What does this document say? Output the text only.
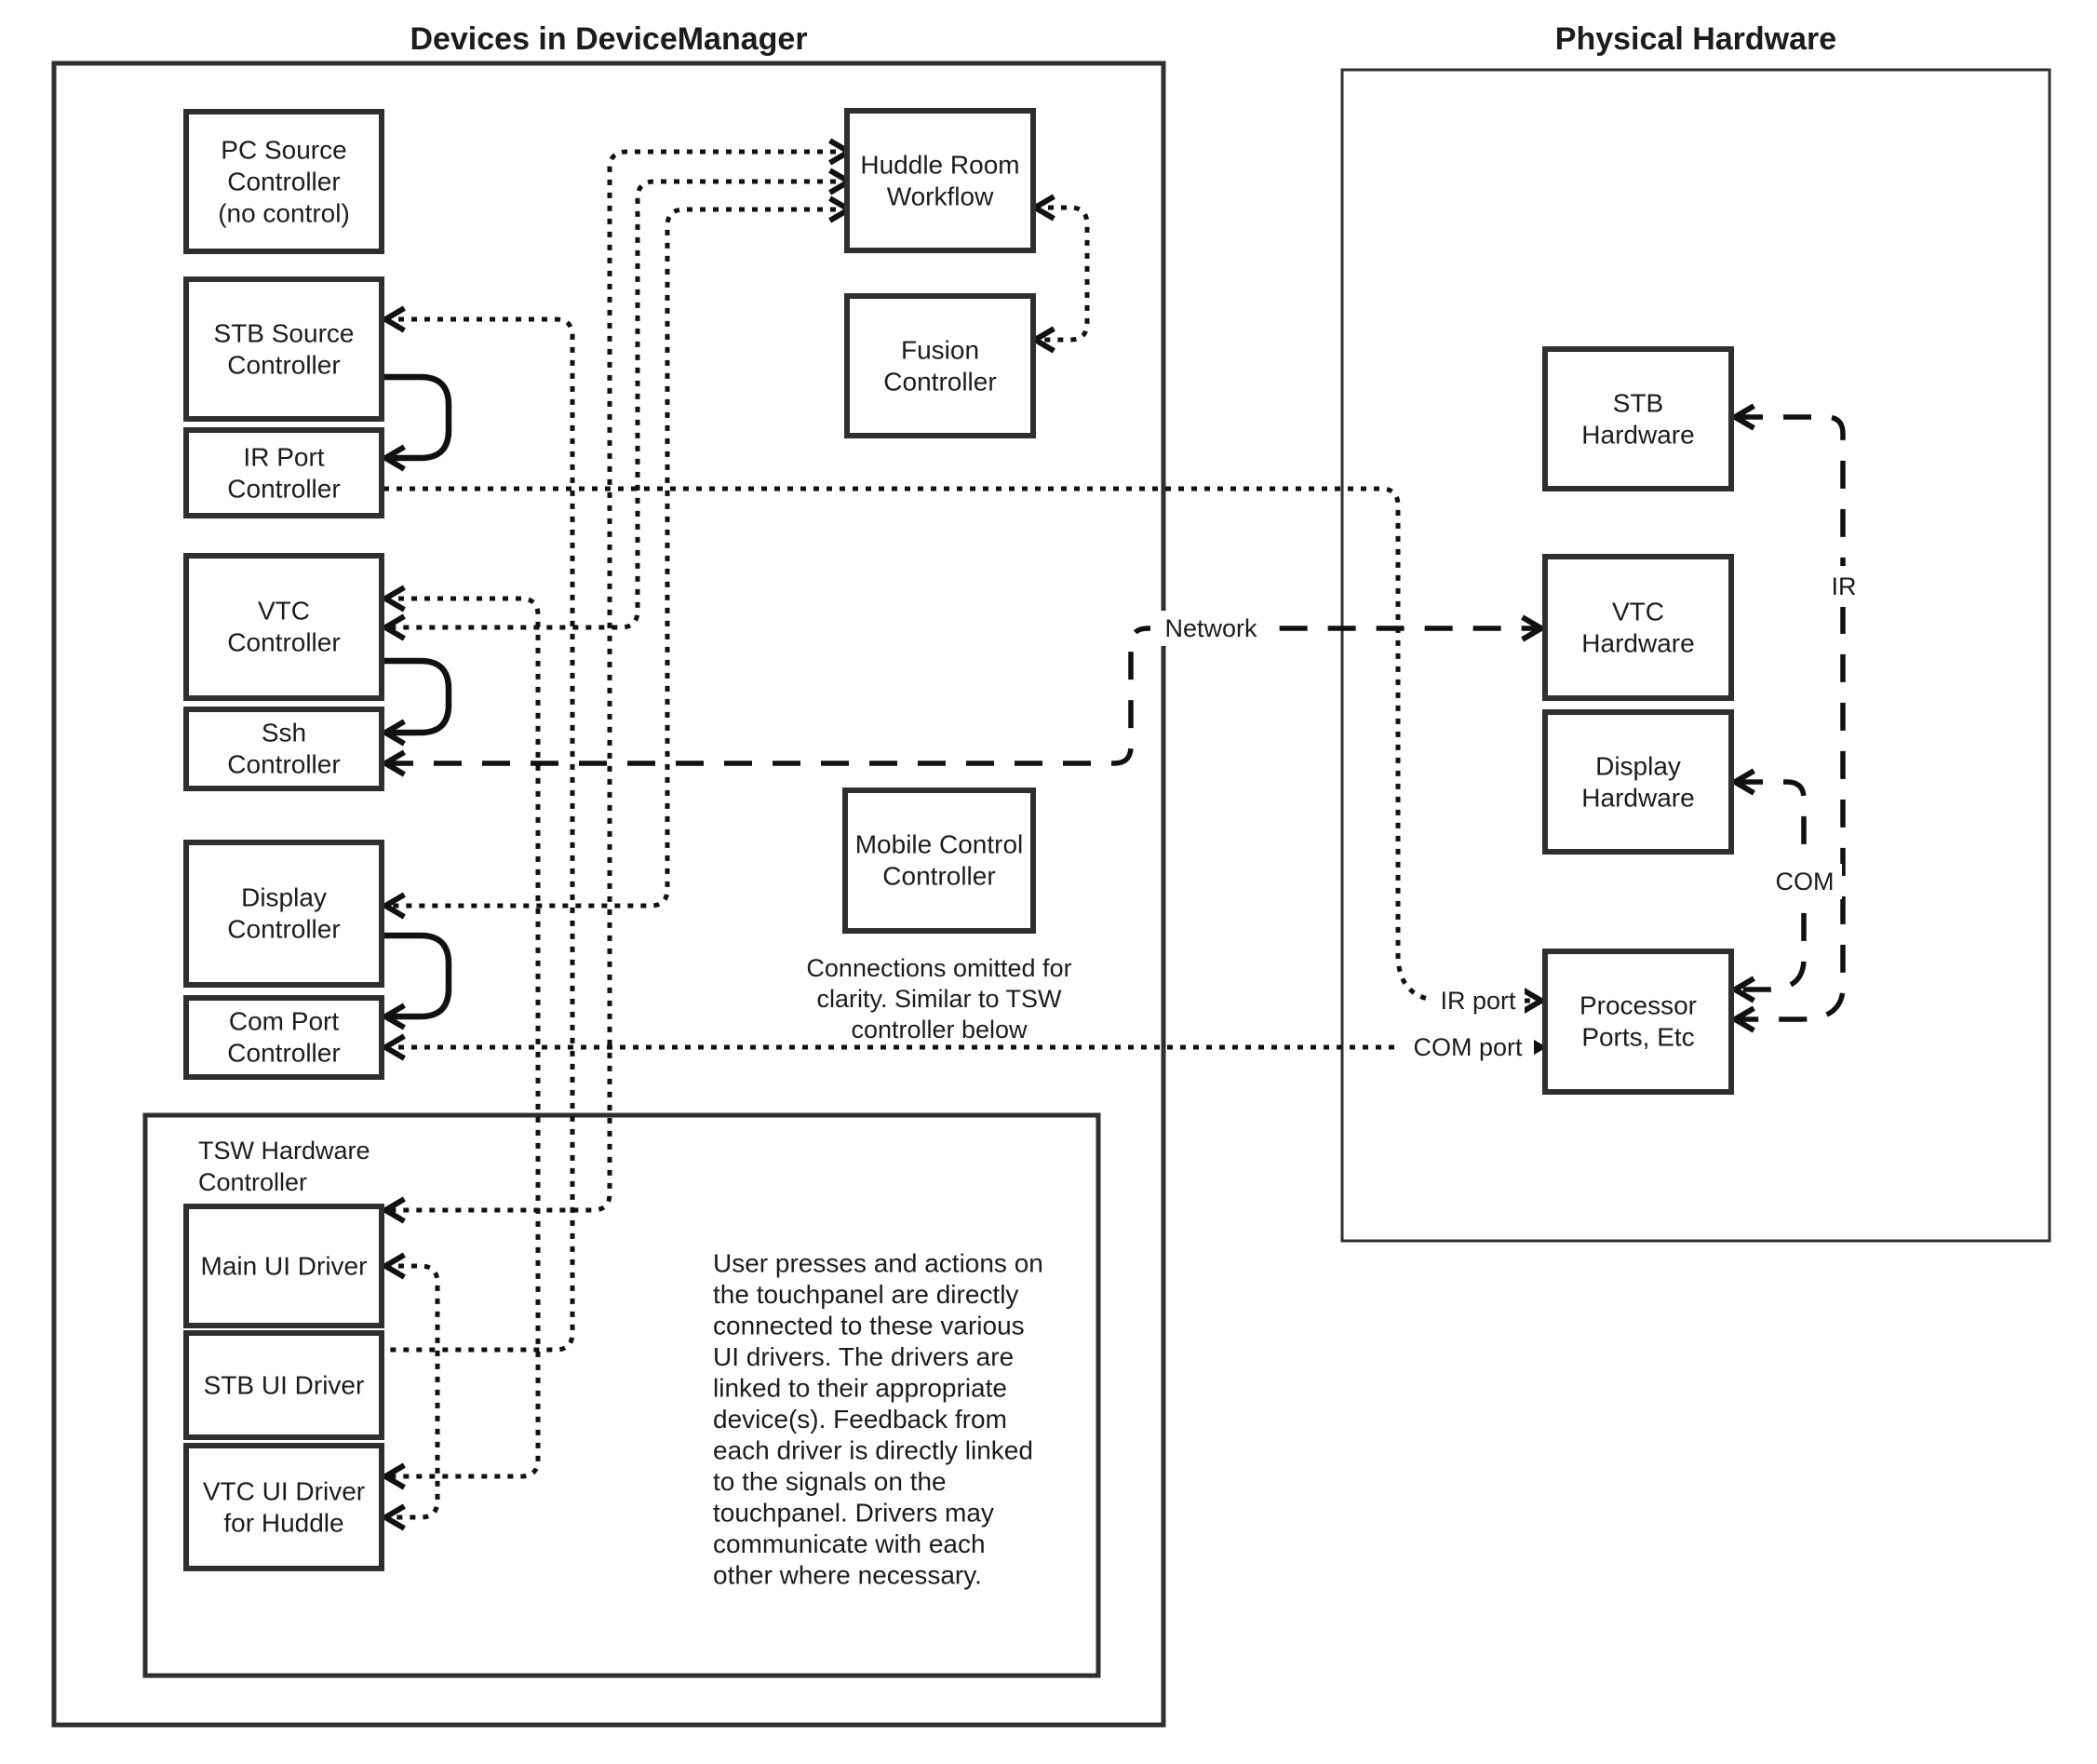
Devices in DeviceManager	Physical Hardware
PC Source
Controller
(no control)
STB Source
Controller
IR Port
Controller
VTC
Controller
Ssh
Controller
Display
Controller
Com Port
Controller
Huddle Room
Workflow
Fusion
Controller
Mobile Control
Controller
Connections omitted for
clarity. Similar to TSW
controller below
TSW Hardware
Controller
Main UI Driver
STB UI Driver
VTC UI Driver
for Huddle
User presses and actions on
the touchpanel are directly
connected to these various
UI drivers. The drivers are
linked to their appropriate
device(s). Feedback from
each driver is directly linked
to the signals on the
touchpanel. Drivers may
communicate with each
other where necessary.
STB
Hardware
VTC
Hardware
Display
Hardware
Processor
Ports, Etc
Network
IR
COM
IR port
COM port
